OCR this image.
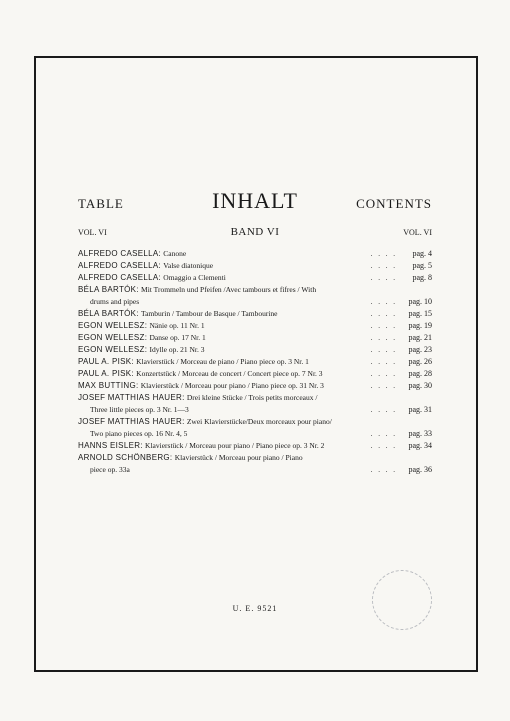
TABLE	INHALT	CONTENTS
VOL. VI	BAND VI	VOL. VI
ALFREDO CASELLA: Canone	. . . .	pag. 4
ALFREDO CASELLA: Valse diatonique	. . . .	pag. 5
ALFREDO CASELLA: Omaggio a Clementi	. . . .	pag. 8
BÉLA BARTÓK: Mit Trommeln und Pfeifen /Avec tambours et fifres / With
drums and pipes	. . . .	pag. 10
BÉLA BARTÓK: Tamburin / Tambour de Basque / Tambourine	. . . .	pag. 15
EGON WELLESZ: Nänie op. 11 Nr. 1	. . . .	pag. 19
EGON WELLESZ: Danse op. 17 Nr. 1	. . . .	pag. 21
EGON WELLESZ: Idylle op. 21 Nr. 3	. . . .	pag. 23
PAUL A. PISK: Klavierstück / Morceau de piano / Piano piece op. 3 Nr. 1	. . . .	pag. 26
PAUL A. PISK: Konzertstück / Morceau de concert / Concert piece op. 7 Nr. 3	. . . .	pag. 28
MAX BUTTING: Klavierstück / Morceau pour piano / Piano piece op. 31 Nr. 3	. . . .	pag. 30
JOSEF MATTHIAS HAUER: Drei kleine Stücke / Trois petits morceaux /
Three little pieces op. 3 Nr. 1—3	. . . .	pag. 31
JOSEF MATTHIAS HAUER: Zwei Klavierstücke/Deux morceaux pour piano/
Two piano pieces op. 16 Nr. 4, 5	. . . .	pag. 33
HANNS EISLER: Klavierstück / Morceau pour piano / Piano piece op. 3 Nr. 2	. . . .	pag. 34
ARNOLD SCHÖNBERG: Klavierstück / Morceau pour piano / Piano
piece op. 33a	. . . .	pag. 36
U. E. 9521
